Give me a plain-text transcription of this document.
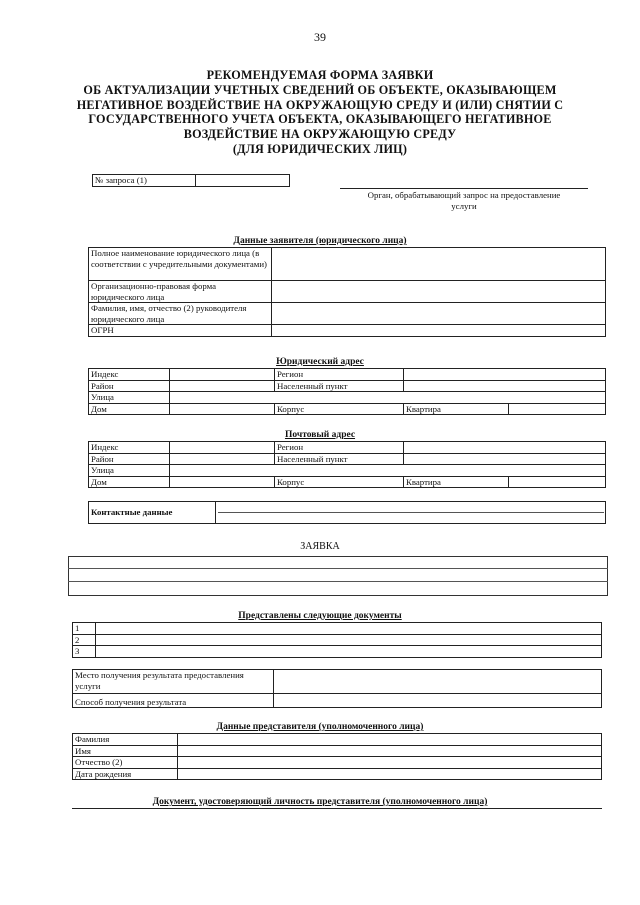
39
РЕКОМЕНДУЕМАЯ ФОРМА ЗАЯВКИ
ОБ АКТУАЛИЗАЦИИ УЧЕТНЫХ СВЕДЕНИЙ ОБ ОБЪЕКТЕ, ОКАЗЫВАЮЩЕМ
НЕГАТИВНОЕ ВОЗДЕЙСТВИЕ НА ОКРУЖАЮЩУЮ СРЕДУ И (ИЛИ) СНЯТИИ С
ГОСУДАРСТВЕННОГО УЧЕТА ОБЪЕКТА, ОКАЗЫВАЮЩЕГО НЕГАТИВНОЕ
ВОЗДЕЙСТВИЕ НА ОКРУЖАЮЩУЮ СРЕДУ
(ДЛЯ ЮРИДИЧЕСКИХ ЛИЦ)
№ запроса (1)	
Орган, обрабатывающий запрос на предоставление
услуги
Данные заявителя (юридического лица)
Полное наименование юридического лица (в соответствии с учредительными документами)	
Организационно-правовая форма юридического лица	
Фамилия, имя, отчество (2) руководителя юридического лица	
ОГРН	
Юридический адрес
Индекс		Регион		
Район		Населенный пункт		
Улица				
Дом		Корпус	Квартира	
Почтовый адрес
Индекс		Регион		
Район		Населенный пункт		
Улица				
Дом		Корпус	Квартира	
Контактные данные	
ЗАЯВКА
Представлены следующие документы
1	
2	
3	
Место получения результата предоставления услуги	
Способ получения результата	
Данные представителя (уполномоченного лица)
Фамилия	
Имя	
Отчество (2)	
Дата рождения	
Документ, удостоверяющий личность представителя (уполномоченного лица)
